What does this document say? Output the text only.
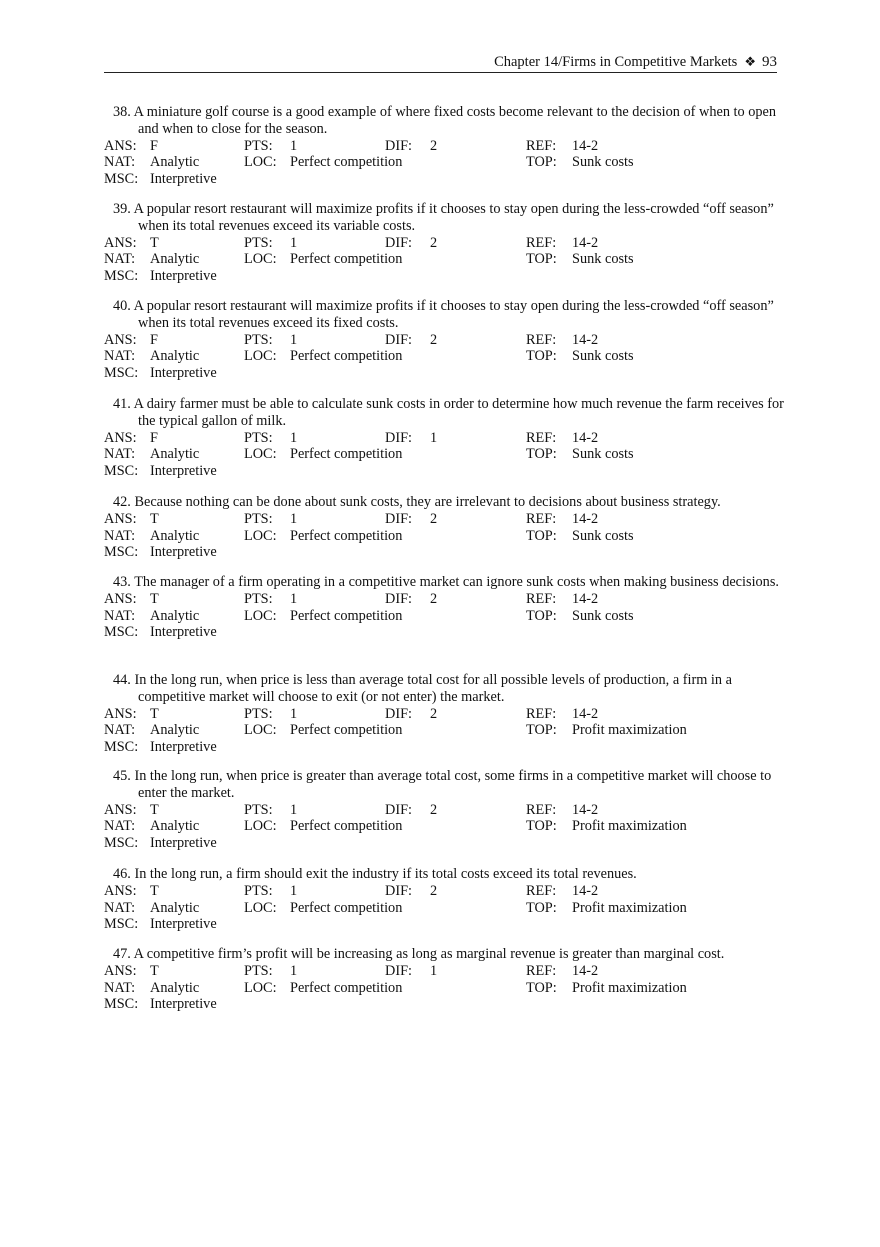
Chapter 14/Firms in Competitive Markets ❖ 93
38. A miniature golf course is a good example of where fixed costs become relevant to the decision of when to open and when to close for the season.
ANS: F	PTS: 1	DIF: 2	REF: 14-2
NAT: Analytic	LOC: Perfect competition	TOP: Sunk costs
MSC: Interpretive
39. A popular resort restaurant will maximize profits if it chooses to stay open during the less-crowded “off season” when its total revenues exceed its variable costs.
ANS: T	PTS: 1	DIF: 2	REF: 14-2
NAT: Analytic	LOC: Perfect competition	TOP: Sunk costs
MSC: Interpretive
40. A popular resort restaurant will maximize profits if it chooses to stay open during the less-crowded “off season” when its total revenues exceed its fixed costs.
ANS: F	PTS: 1	DIF: 2	REF: 14-2
NAT: Analytic	LOC: Perfect competition	TOP: Sunk costs
MSC: Interpretive
41. A dairy farmer must be able to calculate sunk costs in order to determine how much revenue the farm receives for the typical gallon of milk.
ANS: F	PTS: 1	DIF: 1	REF: 14-2
NAT: Analytic	LOC: Perfect competition	TOP: Sunk costs
MSC: Interpretive
42. Because nothing can be done about sunk costs, they are irrelevant to decisions about business strategy.
ANS: T	PTS: 1	DIF: 2	REF: 14-2
NAT: Analytic	LOC: Perfect competition	TOP: Sunk costs
MSC: Interpretive
43. The manager of a firm operating in a competitive market can ignore sunk costs when making business decisions.
ANS: T	PTS: 1	DIF: 2	REF: 14-2
NAT: Analytic	LOC: Perfect competition	TOP: Sunk costs
MSC: Interpretive
44. In the long run, when price is less than average total cost for all possible levels of production, a firm in a competitive market will choose to exit (or not enter) the market.
ANS: T	PTS: 1	DIF: 2	REF: 14-2
NAT: Analytic	LOC: Perfect competition	TOP: Profit maximization
MSC: Interpretive
45. In the long run, when price is greater than average total cost, some firms in a competitive market will choose to enter the market.
ANS: T	PTS: 1	DIF: 2	REF: 14-2
NAT: Analytic	LOC: Perfect competition	TOP: Profit maximization
MSC: Interpretive
46. In the long run, a firm should exit the industry if its total costs exceed its total revenues.
ANS: T	PTS: 1	DIF: 2	REF: 14-2
NAT: Analytic	LOC: Perfect competition	TOP: Profit maximization
MSC: Interpretive
47. A competitive firm’s profit will be increasing as long as marginal revenue is greater than marginal cost.
ANS: T	PTS: 1	DIF: 1	REF: 14-2
NAT: Analytic	LOC: Perfect competition	TOP: Profit maximization
MSC: Interpretive
